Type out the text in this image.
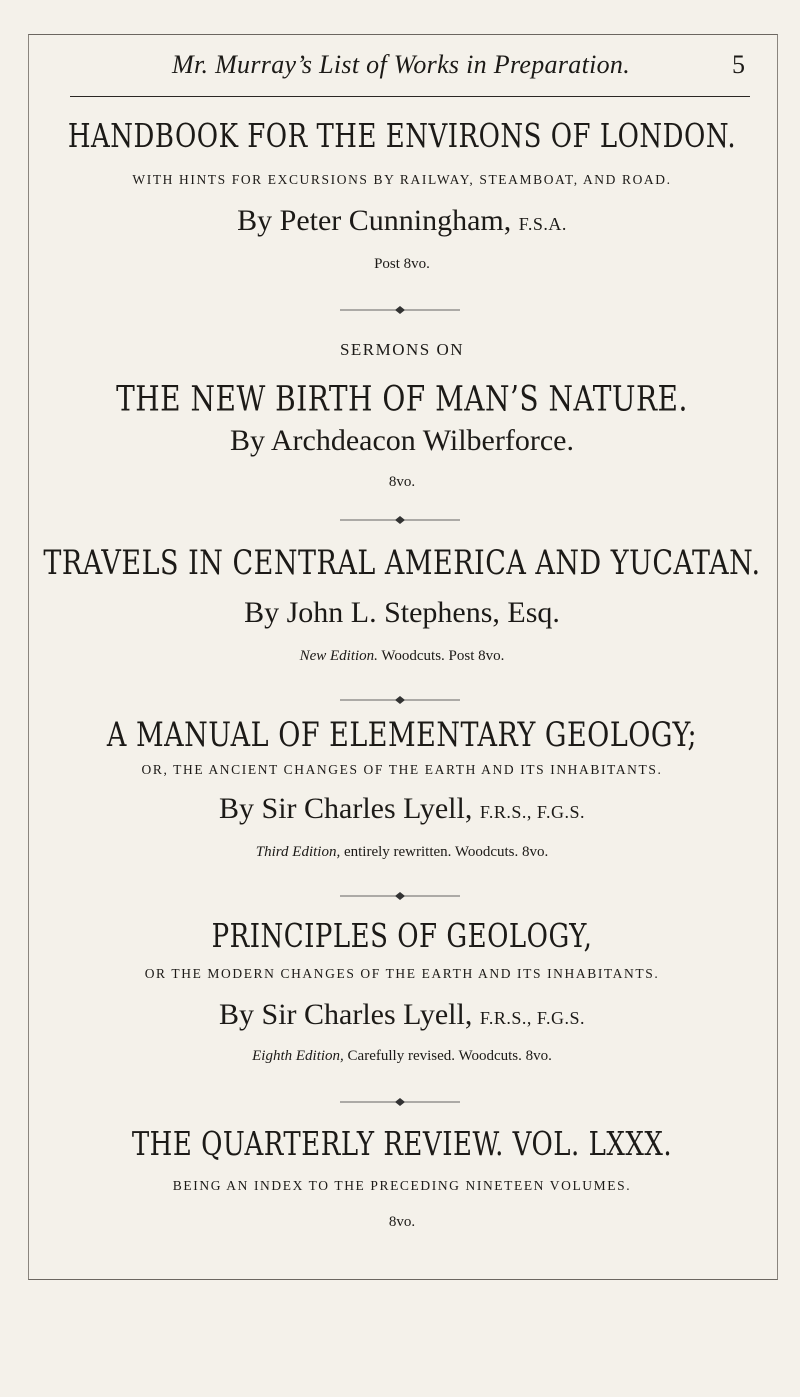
Mr. Murray’s List of Works in Preparation.	5
HANDBOOK FOR THE ENVIRONS OF LONDON.
WITH HINTS FOR EXCURSIONS BY RAILWAY, STEAMBOAT, AND ROAD.
By Peter Cunningham, F.S.A.
Post 8vo.
SERMONS ON
THE NEW BIRTH OF MAN’S NATURE.
By Archdeacon Wilberforce.
8vo.
TRAVELS IN CENTRAL AMERICA AND YUCATAN.
By John L. Stephens, Esq.
New Edition. Woodcuts. Post 8vo.
A MANUAL OF ELEMENTARY GEOLOGY;
OR, THE ANCIENT CHANGES OF THE EARTH AND ITS INHABITANTS.
By Sir Charles Lyell, F.R.S., F.G.S.
Third Edition, entirely rewritten. Woodcuts. 8vo.
PRINCIPLES OF GEOLOGY,
OR THE MODERN CHANGES OF THE EARTH AND ITS INHABITANTS.
By Sir Charles Lyell, F.R.S., F.G.S.
Eighth Edition, Carefully revised. Woodcuts. 8vo.
THE QUARTERLY REVIEW. VOL. LXXX.
BEING AN INDEX TO THE PRECEDING NINETEEN VOLUMES.
8vo.
